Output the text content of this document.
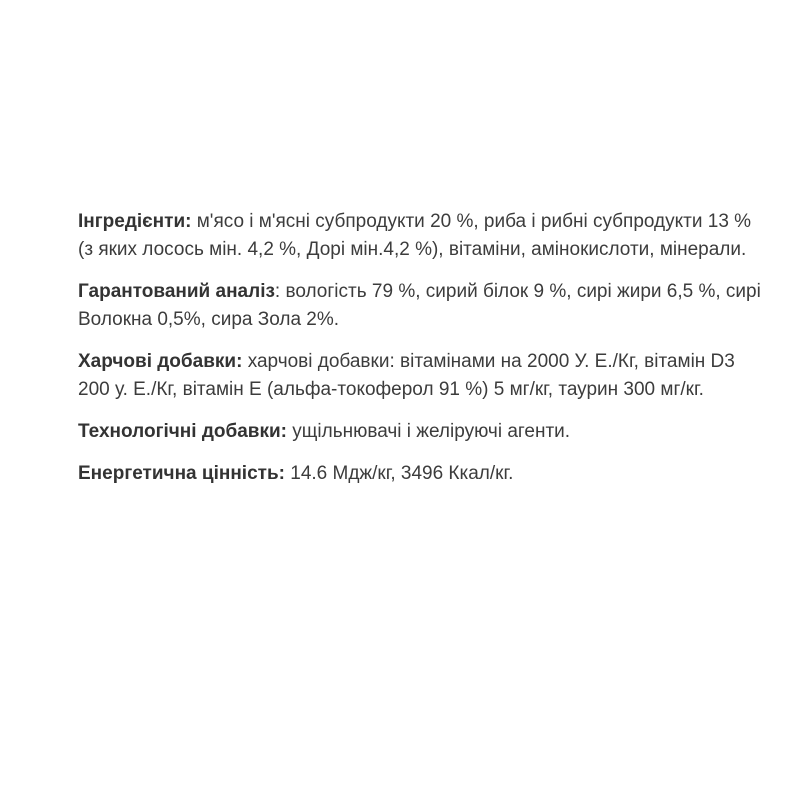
Інгредієнти: м'ясо і м'ясні субпродукти 20 %, риба і рибні субпродукти 13 % (з яких лосось мін. 4,2 %, Дорі мін.4,2 %), вітаміни, амінокислоти, мінерали.

Гарантований аналіз: вологість 79 %, сирий білок 9 %, сирі жири 6,5 %, сирі Волокна 0,5%, сира Зола 2%.

Харчові добавки: харчові добавки: вітамінами на 2000 У. Е./Кг, вітамін D3 200 у. Е./Кг, вітамін Е (альфа-токоферол 91 %) 5 мг/кг, таурин 300 мг/кг.

Технологічні добавки: ущільнювачі і желіруючі агенти.

Енергетична цінність: 14.6 Мдж/кг, 3496 Ккал/кг.
